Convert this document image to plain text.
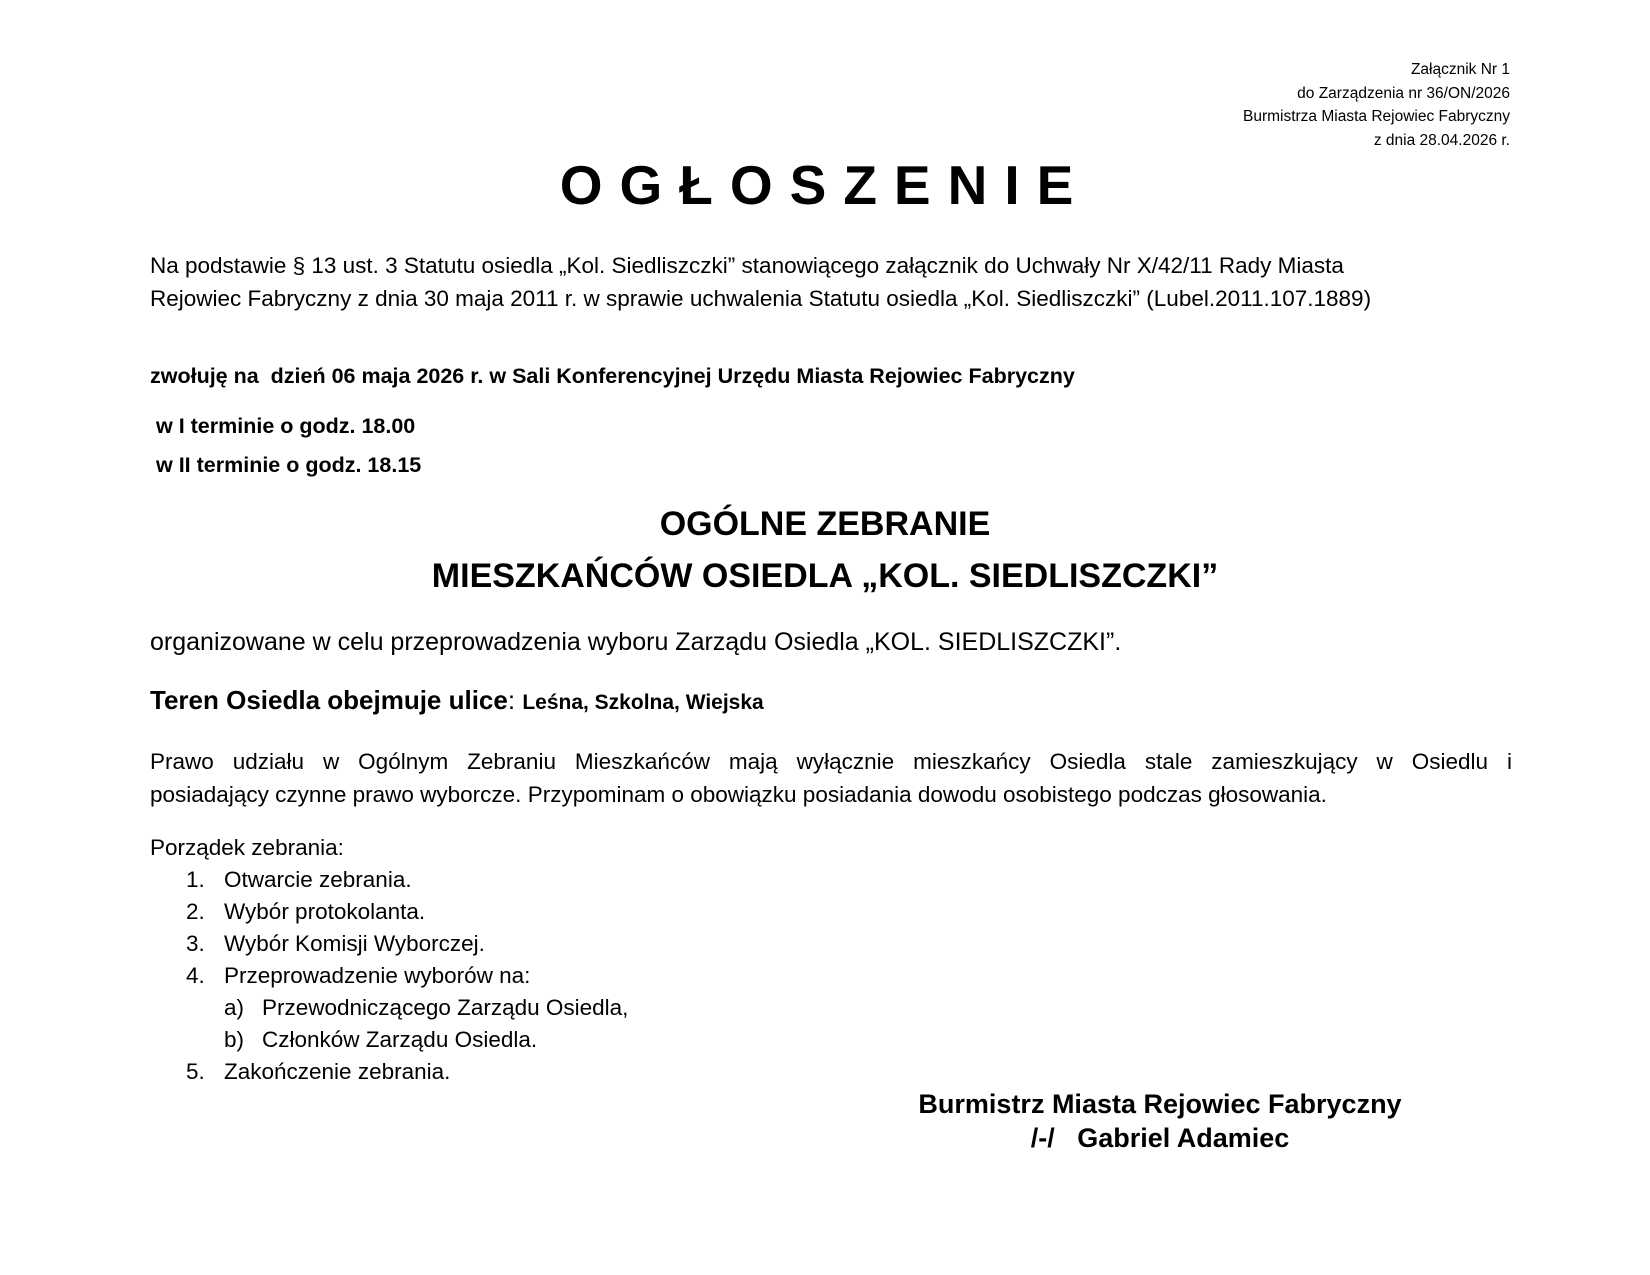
Załącznik Nr 1
do Zarządzenia nr 36/ON/2026
Burmistrza Miasta Rejowiec Fabryczny
z dnia 28.04.2026 r.
OGŁOSZENIE
Na podstawie § 13 ust. 3 Statutu osiedla „Kol. Siedliszczki” stanowiącego załącznik do Uchwały Nr X/42/11 Rady Miasta
Rejowiec Fabryczny z dnia 30 maja 2011 r. w sprawie uchwalenia Statutu osiedla „Kol. Siedliszczki” (Lubel.2011.107.1889)
zwołuję na  dzień 06 maja 2026 r. w Sali Konferencyjnej Urzędu Miasta Rejowiec Fabryczny
w I terminie o godz. 18.00
w II terminie o godz. 18.15
OGÓLNE ZEBRANIE
MIESZKAŃCÓW OSIEDLA „KOL. SIEDLISZCZKI”
organizowane w celu przeprowadzenia wyboru Zarządu Osiedla „KOL. SIEDLISZCZKI”.
Teren Osiedla obejmuje ulice: Leśna, Szkolna, Wiejska
Prawo udziału w Ogólnym Zebraniu Mieszkańców mają wyłącznie mieszkańcy Osiedla stale zamieszkujący w Osiedlu i
posiadający czynne prawo wyborcze. Przypominam o obowiązku posiadania dowodu osobistego podczas głosowania.
Porządek zebrania:
1. Otwarcie zebrania.
2. Wybór protokolanta.
3. Wybór Komisji Wyborczej.
4. Przeprowadzenie wyborów na:
a) Przewodniczącego Zarządu Osiedla,
b) Członków Zarządu Osiedla.
5. Zakończenie zebrania.
Burmistrz Miasta Rejowiec Fabryczny
/-/   Gabriel Adamiec
